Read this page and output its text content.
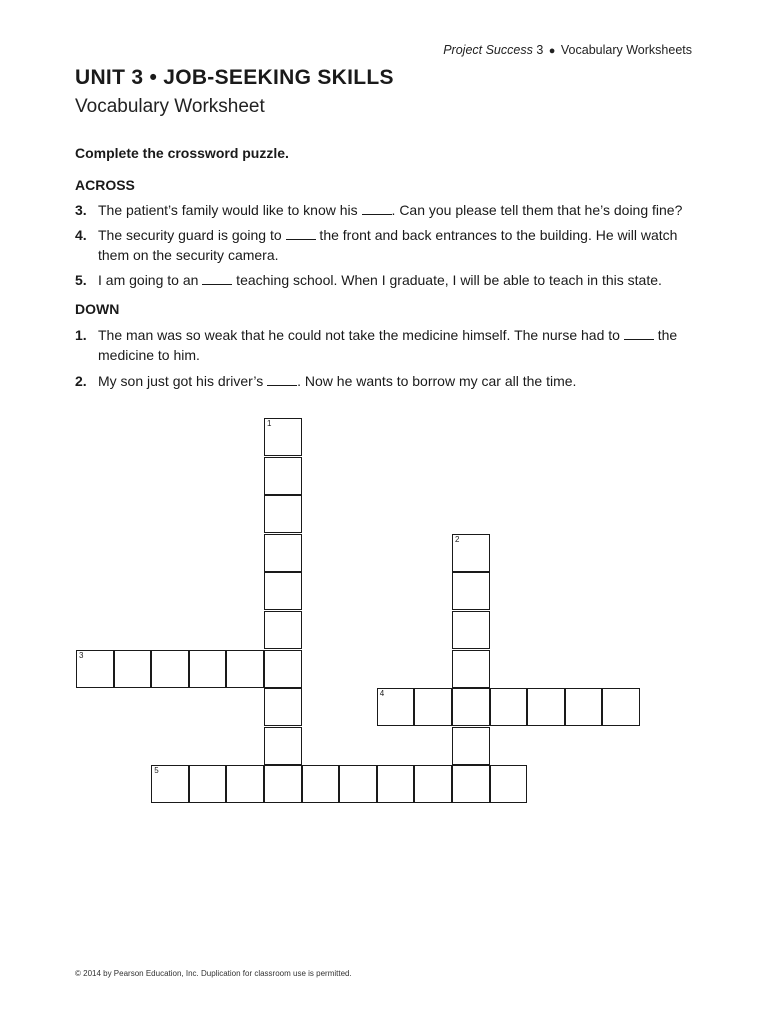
Project Success 3 ● Vocabulary Worksheets
UNIT 3 • JOB-SEEKING SKILLS
Vocabulary Worksheet
Complete the crossword puzzle.
ACROSS
3. The patient’s family would like to know his . Can you please tell them that he’s doing fine?
4. The security guard is going to  the front and back entrances to the building. He will watch them on the security camera.
5. I am going to an  teaching school. When I graduate, I will be able to teach in this state.
DOWN
1. The man was so weak that he could not take the medicine himself. The nurse had to  the medicine to him.
2. My son just got his driver’s . Now he wants to borrow my car all the time.
1
2
3
4
5
© 2014 by Pearson Education, Inc. Duplication for classroom use is permitted.
